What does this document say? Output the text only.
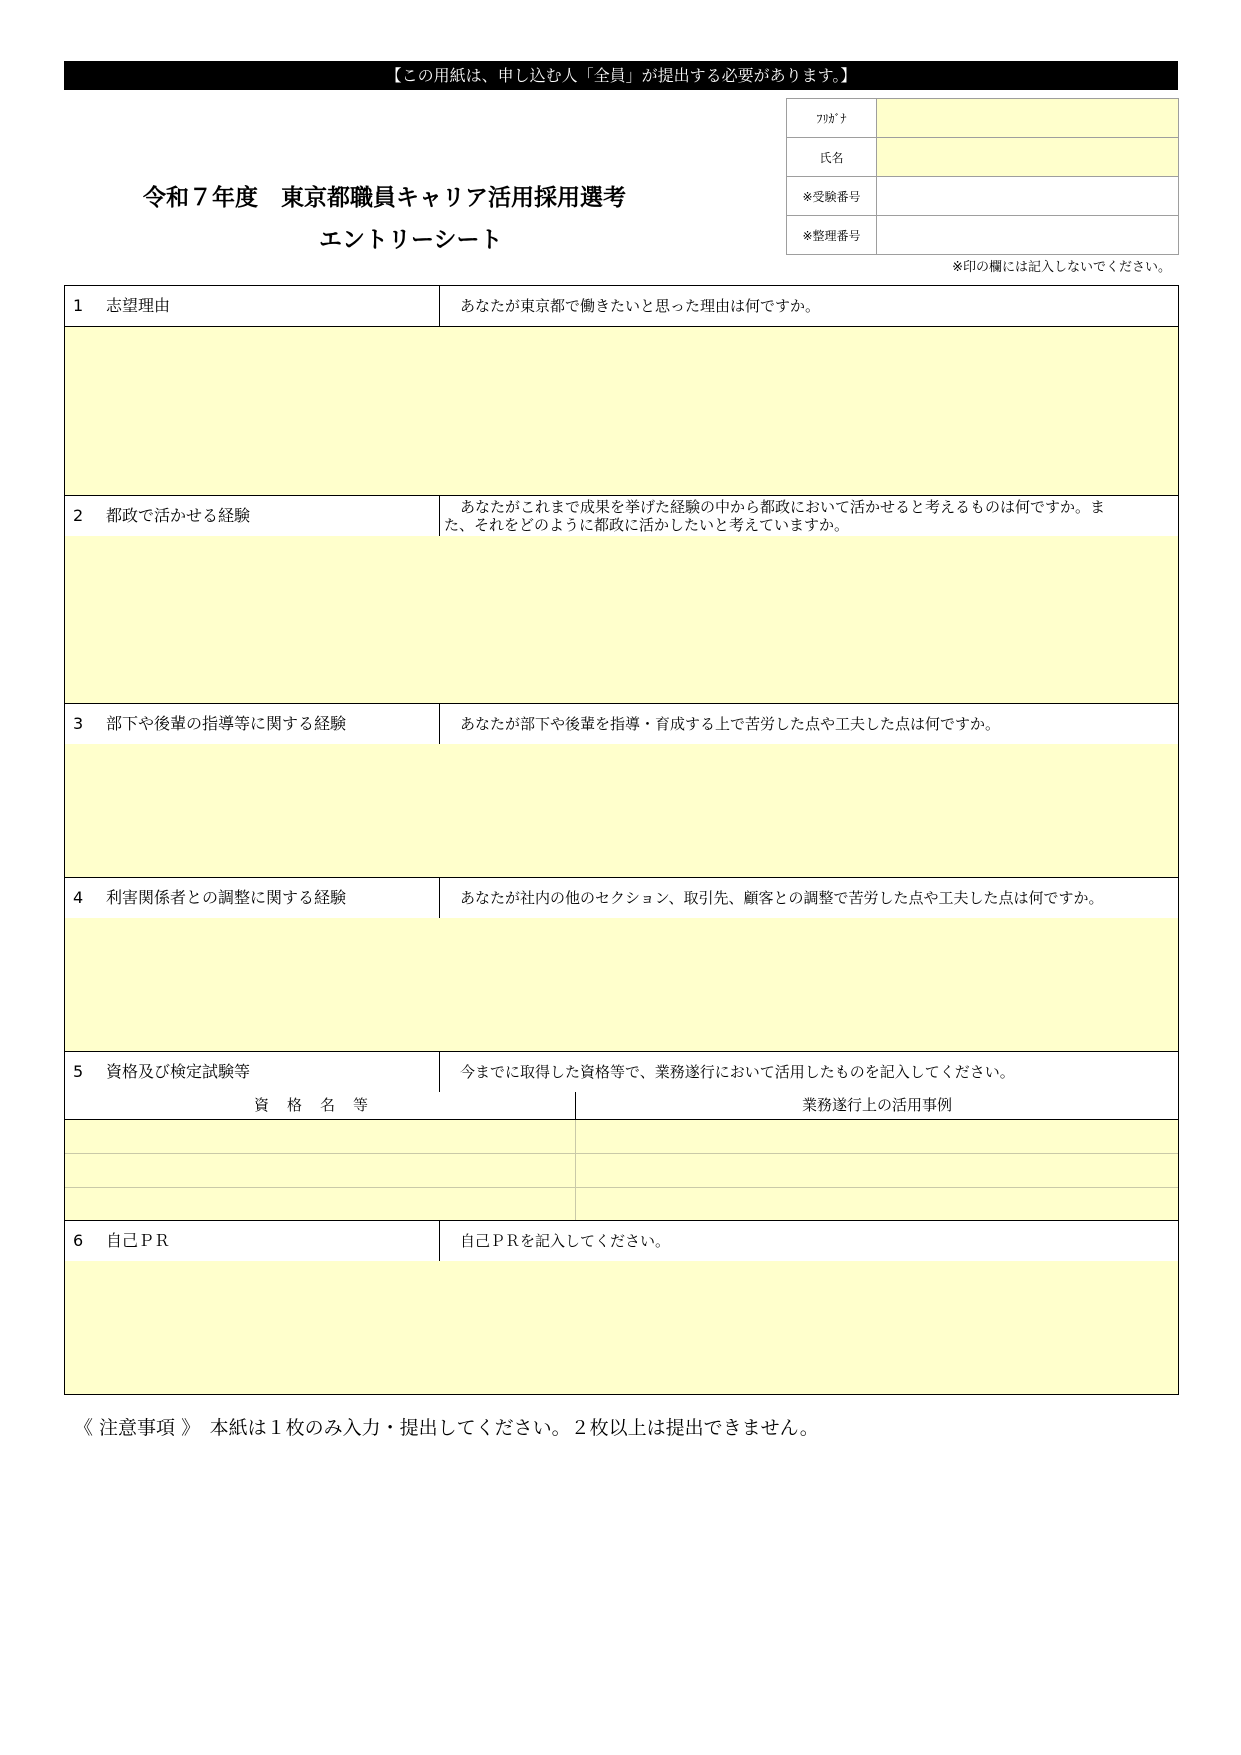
【この用紙は、申し込む人「全員」が提出する必要があります。】
ﾌﾘｶﾞﾅ	
氏名	
※受験番号	
※整理番号	
令和７年度　東京都職員キャリア活用採用選考
エントリーシート
※印の欄には記入しないでください。
1 志望理由	あなたが東京都で働きたいと思った理由は何ですか。
2 都政で活かせる経験	あなたがこれまで成果を挙げた経験の中から都政において活かせると考えるものは何ですか。ま
た、それをどのように都政に活かしたいと考えていますか。
3 部下や後輩の指導等に関する経験	あなたが部下や後輩を指導・育成する上で苦労した点や工夫した点は何ですか。
4 利害関係者との調整に関する経験	あなたが社内の他のセクション、取引先、顧客との調整で苦労した点や工夫した点は何ですか。
5 資格及び検定試験等	今までに取得した資格等で、業務遂行において活用したものを記入してください。
資格名等	業務遂行上の活用事例
6 自己ＰＲ	自己ＰＲを記入してください。
《 注意事項 》　本紙は１枚のみ入力・提出してください。２枚以上は提出できません。
